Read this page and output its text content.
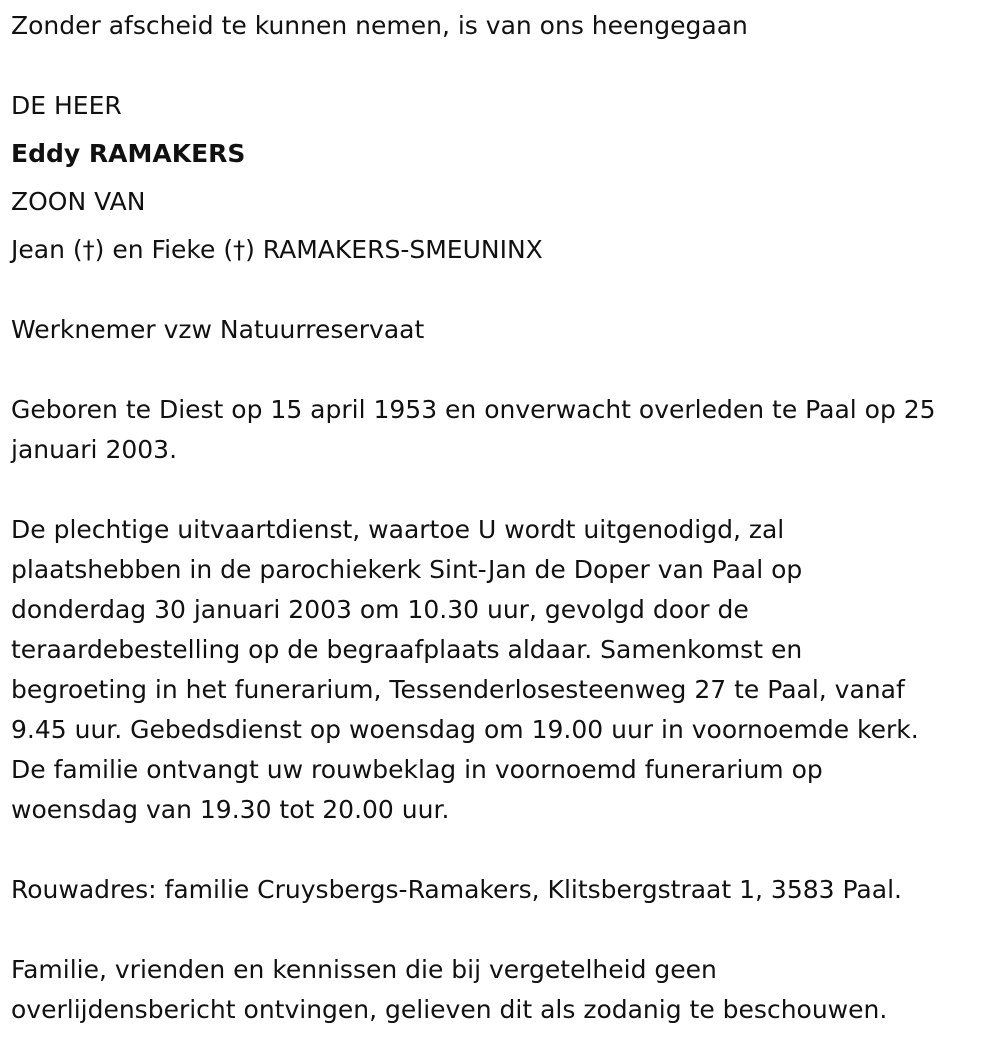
Zonder afscheid te kunnen nemen, is van ons heengegaan
DE HEER
Eddy RAMAKERS
ZOON VAN
Jean (†) en Fieke (†) RAMAKERS-SMEUNINX
Werknemer vzw Natuurreservaat
Geboren te Diest op 15 april 1953 en onverwacht overleden te Paal op 25
januari 2003.
De plechtige uitvaartdienst, waartoe U wordt uitgenodigd, zal
plaatshebben in de parochiekerk Sint-Jan de Doper van Paal op
donderdag 30 januari 2003 om 10.30 uur, gevolgd door de
teraardebestelling op de begraafplaats aldaar. Samenkomst en
begroeting in het funerarium, Tessenderlosesteenweg 27 te Paal, vanaf
9.45 uur. Gebedsdienst op woensdag om 19.00 uur in voornoemde kerk.
De familie ontvangt uw rouwbeklag in voornoemd funerarium op
woensdag van 19.30 tot 20.00 uur.
Rouwadres: familie Cruysbergs-Ramakers, Klitsbergstraat 1, 3583 Paal.
Familie, vrienden en kennissen die bij vergetelheid geen
overlijdensbericht ontvingen, gelieven dit als zodanig te beschouwen.
